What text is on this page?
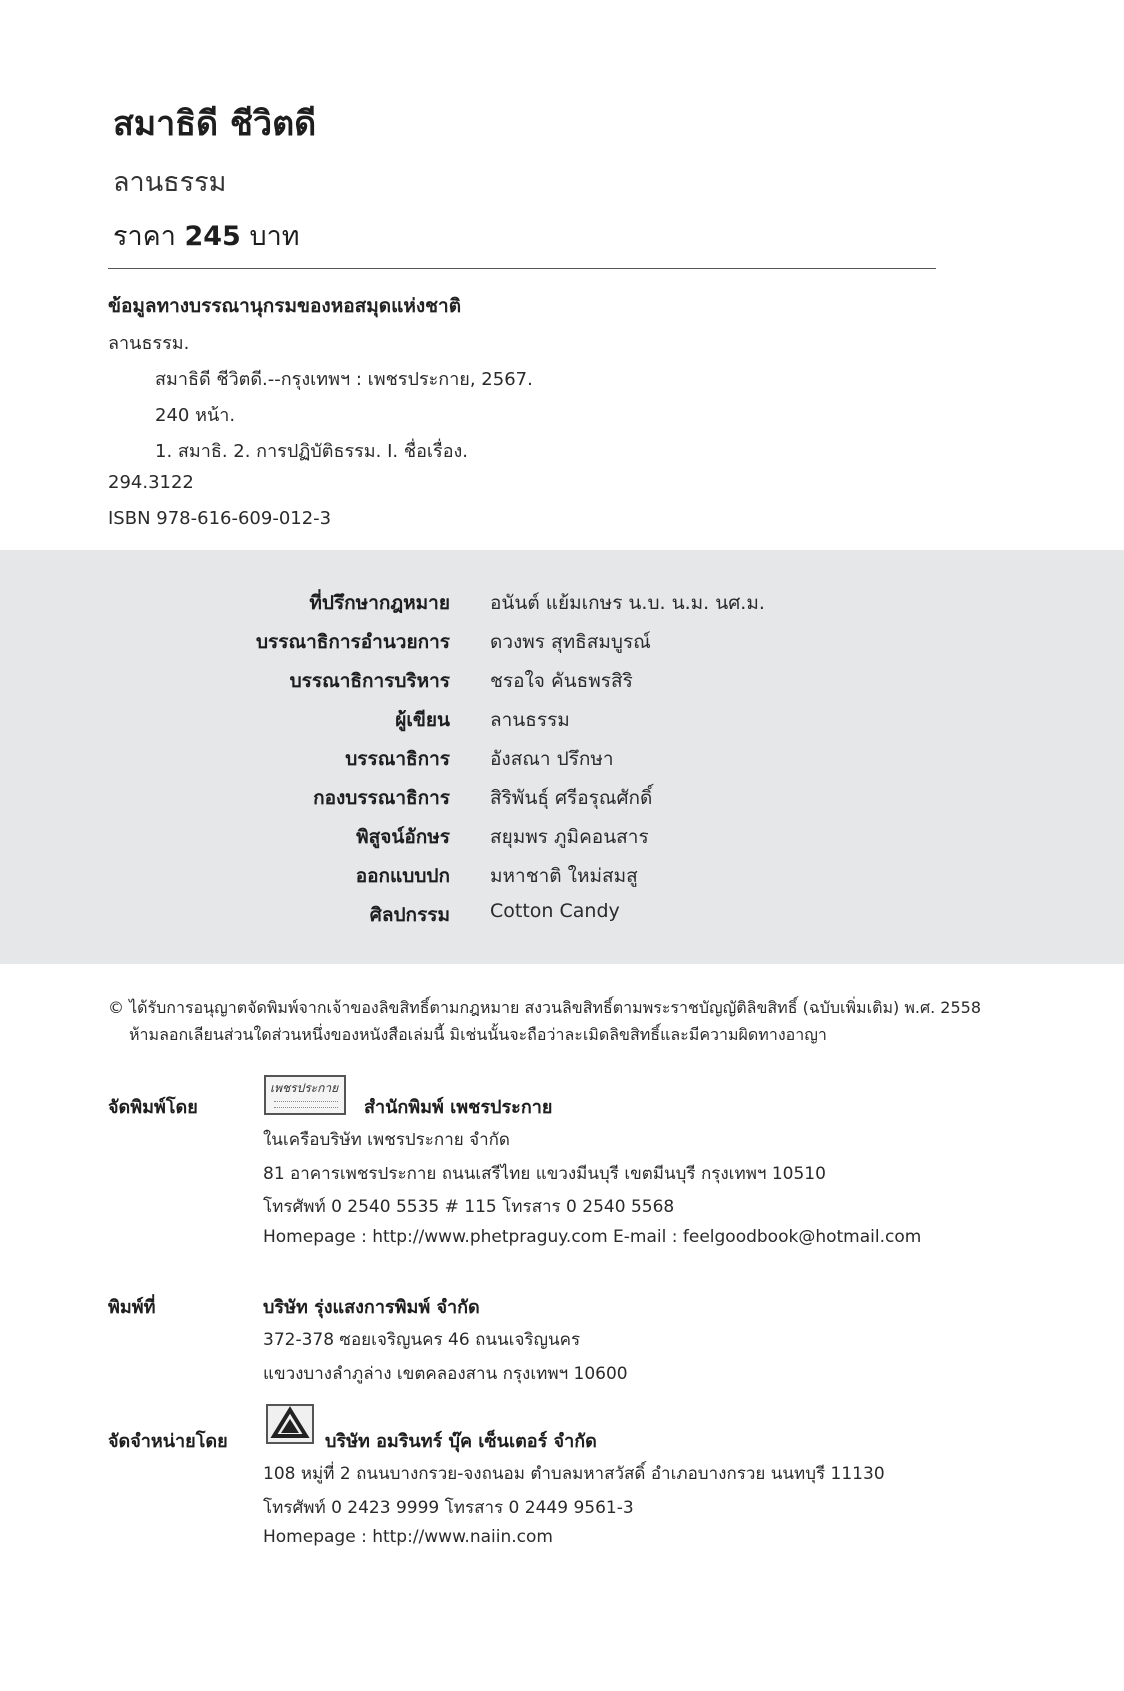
สมาธิดี ชีวิตดี
ลานธรรม
ราคา 245 บาท
ข้อมูลทางบรรณานุกรมของหอสมุดแห่งชาติ
ลานธรรม.
สมาธิดี ชีวิตดี.--กรุงเทพฯ : เพชรประกาย, 2567.
240 หน้า.
1. สมาธิ. 2. การปฏิบัติธรรม. I. ชื่อเรื่อง.
294.3122
ISBN 978-616-609-012-3
ที่ปรึกษากฎหมาย อนันต์ แย้มเกษร น.บ. น.ม. นศ.ม.
บรรณาธิการอำนวยการ ดวงพร สุทธิสมบูรณ์
บรรณาธิการบริหาร ชรอใจ คันธพรสิริ
ผู้เขียน ลานธรรม
บรรณาธิการ อังสณา ปรึกษา
กองบรรณาธิการ สิริพันธุ์ ศรีอรุณศักดิ์
พิสูจน์อักษร สยุมพร ภูมิคอนสาร
ออกแบบปก มหาชาติ ใหม่สมสู
ศิลปกรรม Cotton Candy
© ได้รับการอนุญาตจัดพิมพ์จากเจ้าของลิขสิทธิ์ตามกฎหมาย สงวนลิขสิทธิ์ตามพระราชบัญญัติลิขสิทธิ์ (ฉบับเพิ่มเติม) พ.ศ. 2558
ห้ามลอกเลียนส่วนใดส่วนหนึ่งของหนังสือเล่มนี้ มิเช่นนั้นจะถือว่าละเมิดลิขสิทธิ์และมีความผิดทางอาญา
จัดพิมพ์โดย
เพชรประกาย
สำนักพิมพ์ เพชรประกาย
ในเครือบริษัท เพชรประกาย จำกัด
81 อาคารเพชรประกาย ถนนเสรีไทย แขวงมีนบุรี เขตมีนบุรี กรุงเทพฯ 10510
โทรศัพท์ 0 2540 5535 # 115 โทรสาร 0 2540 5568
Homepage : http://www.phetpraguy.com E-mail : feelgoodbook@hotmail.com
พิมพ์ที่	บริษัท รุ่งแสงการพิมพ์ จำกัด
372-378 ซอยเจริญนคร 46 ถนนเจริญนคร
แขวงบางลำภูล่าง เขตคลองสาน กรุงเทพฯ 10600
จัดจำหน่ายโดย	บริษัท อมรินทร์ บุ๊ค เซ็นเตอร์ จำกัด
108 หมู่ที่ 2 ถนนบางกรวย-จงถนอม ตำบลมหาสวัสดิ์ อำเภอบางกรวย นนทบุรี 11130
โทรศัพท์ 0 2423 9999 โทรสาร 0 2449 9561-3
Homepage : http://www.naiin.com
